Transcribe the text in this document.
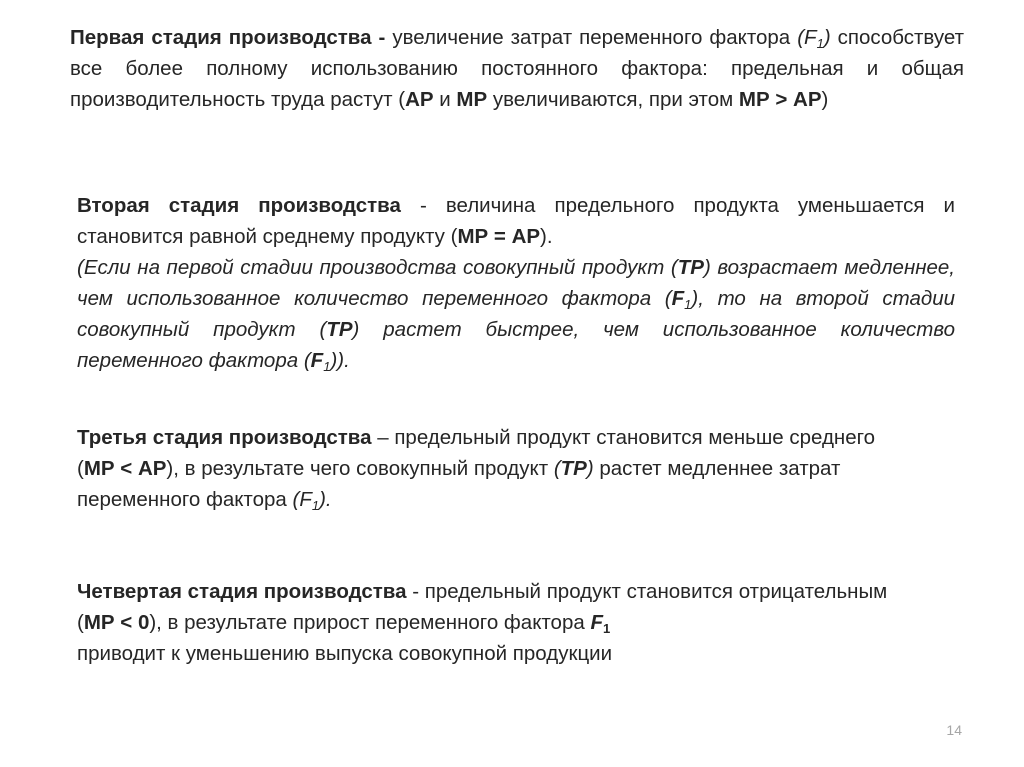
Первая стадия производства - увеличение затрат переменного фактора $(F_1)$ способствует все более полному использованию постоянного фактора: предельная и общая производительность труда растут (АР и МР увеличиваются, при этом МР > АР)

Вторая стадия производства - величина предельного продукта уменьшается и становится равной среднему продукту (МР = АР).
(Если на первой стадии производства совокупный продукт (ТР) возрастает медленнее, чем использованное количество переменного фактора $(F_1)$, то на второй стадии совокупный продукт (ТР) растет быстрее, чем использованное количество переменного фактора $(F_1)$).

Третья стадия производства – предельный продукт становится меньше среднего (МР < АР), в результате чего совокупный продукт (ТР) растет медленнее затрат переменного фактора $(F_1)$.

Четвертая стадия производства - предельный продукт становится отрицательным (МР < 0), в результате прирост переменного фактора $F_1$
приводит к уменьшению выпуска совокупной продукции

14
